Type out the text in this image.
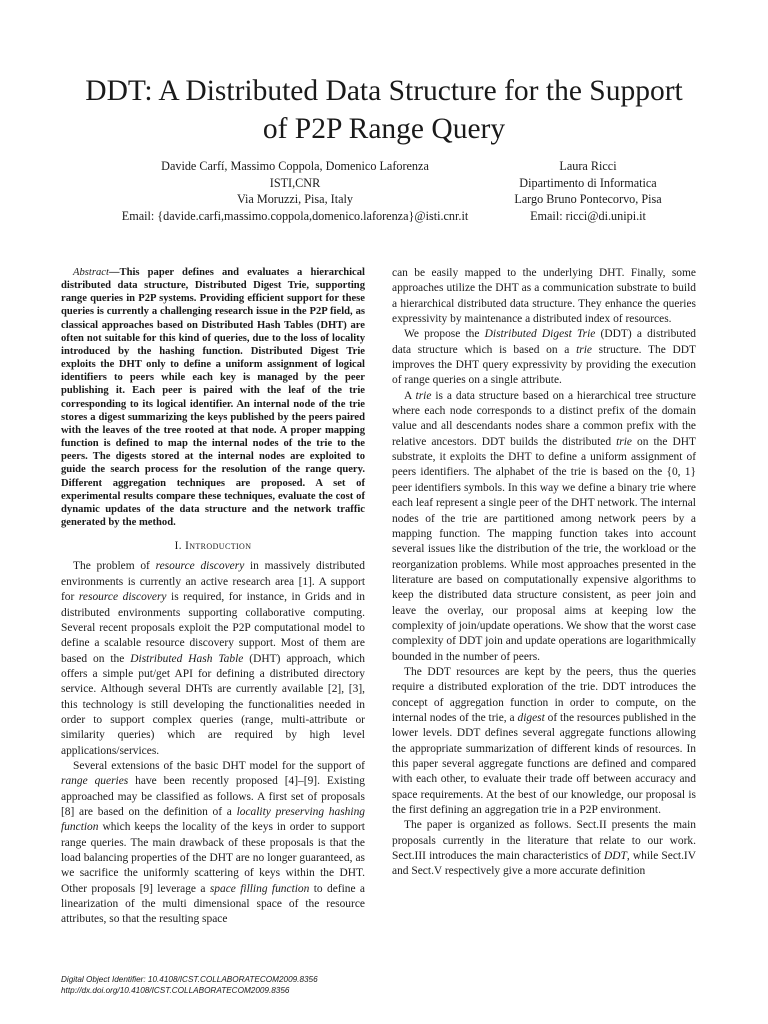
DDT: A Distributed Data Structure for the Support
of P2P Range Query
Davide Carfí, Massimo Coppola, Domenico Laforenza
ISTI,CNR
Via Moruzzi, Pisa, Italy
Email: {davide.carfi,massimo.coppola,domenico.laforenza}@isti.cnr.it
Laura Ricci
Dipartimento di Informatica
Largo Bruno Pontecorvo, Pisa
Email: ricci@di.unipi.it

Abstract—This paper defines and evaluates a hierarchical distributed data structure, Distributed Digest Trie, supporting range queries in P2P systems. Providing efficient support for these queries is currently a challenging research issue in the P2P field, as classical approaches based on Distributed Hash Tables (DHT) are often not suitable for this kind of queries, due to the loss of locality introduced by the hashing function. Distributed Digest Trie exploits the DHT only to define a uniform assignment of logical identifiers to peers while each key is managed by the peer publishing it. Each peer is paired with the leaf of the trie corresponding to its logical identifier. An internal node of the trie stores a digest summarizing the keys published by the peers paired with the leaves of the tree rooted at that node. A proper mapping function is defined to map the internal nodes of the trie to the peers. The digests stored at the internal nodes are exploited to guide the search process for the resolution of the range query. Different aggregation techniques are proposed. A set of experimental results compare these techniques, evaluate the cost of dynamic updates of the data structure and the network traffic generated by the method.

I. Introduction

The problem of resource discovery in massively distributed environments is currently an active research area [1]. A support for resource discovery is required, for instance, in Grids and in distributed environments supporting collaborative computing. Several recent proposals exploit the P2P computational model to define a scalable resource discovery support. Most of them are based on the Distributed Hash Table (DHT) approach, which offers a simple put/get API for defining a distributed directory service. Although several DHTs are currently available [2], [3], this technology is still developing the functionalities needed in order to support complex queries (range, multi-attribute or similarity queries) which are required by high level applications/services.

Several extensions of the basic DHT model for the support of range queries have been recently proposed [4]–[9]. Existing approached may be classified as follows. A first set of proposals [8] are based on the definition of a locality preserving hashing function which keeps the locality of the keys in order to support range queries. The main drawback of these proposals is that the load balancing properties of the DHT are no longer guaranteed, as we sacrifice the uniformly scattering of keys within the DHT. Other proposals [9] leverage a space filling function to define a linearization of the multi dimensional space of the resource attributes, so that the resulting space

can be easily mapped to the underlying DHT. Finally, some approaches utilize the DHT as a communication substrate to build a hierarchical distributed data structure. They enhance the queries expressivity by maintenance a distributed index of resources.

We propose the Distributed Digest Trie (DDT) a distributed data structure which is based on a trie structure. The DDT improves the DHT query expressivity by providing the execution of range queries on a single attribute.

A trie is a data structure based on a hierarchical tree structure where each node corresponds to a distinct prefix of the domain value and all descendants nodes share a common prefix with the relative ancestors. DDT builds the distributed trie on the DHT substrate, it exploits the DHT to define a uniform assignment of peers identifiers. The alphabet of the trie is based on the {0, 1} peer identifiers symbols. In this way we define a binary trie where each leaf represent a single peer of the DHT network. The internal nodes of the trie are partitioned among network peers by a mapping function. The mapping function takes into account several issues like the distribution of the trie, the workload or the reorganization problems. While most approaches presented in the literature are based on computationally expensive algorithms to keep the distributed data structure consistent, as peer join and leave the overlay, our proposal aims at keeping low the complexity of join/update operations. We show that the worst case complexity of DDT join and update operations are logarithmically bounded in the number of peers.

The DDT resources are kept by the peers, thus the queries require a distributed exploration of the trie. DDT introduces the concept of aggregation function in order to compute, on the internal nodes of the trie, a digest of the resources published in the lower levels. DDT defines several aggregate functions allowing the appropriate summarization of different kinds of resources. In this paper several aggregate functions are defined and compared with each other, to evaluate their trade off between accuracy and space requirements. At the best of our knowledge, our proposal is the first defining an aggregation trie in a P2P environment.

The paper is organized as follows. Sect.II presents the main proposals currently in the literature that relate to our work. Sect.III introduces the main characteristics of DDT, while Sect.IV and Sect.V respectively give a more accurate definition

Digital Object Identifier: 10.4108/ICST.COLLABORATECOM2009.8356
http://dx.doi.org/10.4108/ICST.COLLABORATECOM2009.8356
